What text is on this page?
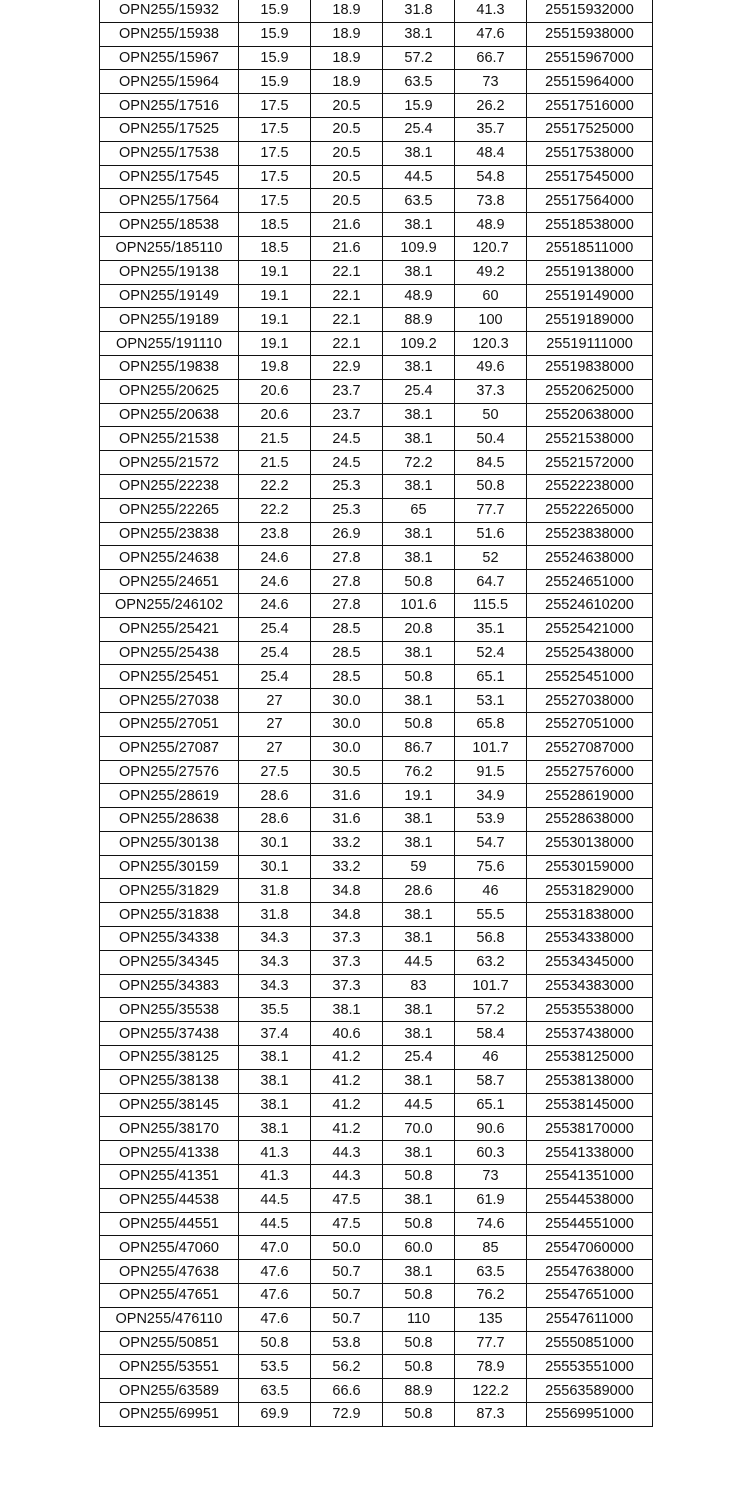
OPN255/15932	15.9	18.9	31.8	41.3	25515932000
OPN255/15938	15.9	18.9	38.1	47.6	25515938000
OPN255/15967	15.9	18.9	57.2	66.7	25515967000
OPN255/15964	15.9	18.9	63.5	73	25515964000
OPN255/17516	17.5	20.5	15.9	26.2	25517516000
OPN255/17525	17.5	20.5	25.4	35.7	25517525000
OPN255/17538	17.5	20.5	38.1	48.4	25517538000
OPN255/17545	17.5	20.5	44.5	54.8	25517545000
OPN255/17564	17.5	20.5	63.5	73.8	25517564000
OPN255/18538	18.5	21.6	38.1	48.9	25518538000
OPN255/185110	18.5	21.6	109.9	120.7	25518511000
OPN255/19138	19.1	22.1	38.1	49.2	25519138000
OPN255/19149	19.1	22.1	48.9	60	25519149000
OPN255/19189	19.1	22.1	88.9	100	25519189000
OPN255/191110	19.1	22.1	109.2	120.3	25519111000
OPN255/19838	19.8	22.9	38.1	49.6	25519838000
OPN255/20625	20.6	23.7	25.4	37.3	25520625000
OPN255/20638	20.6	23.7	38.1	50	25520638000
OPN255/21538	21.5	24.5	38.1	50.4	25521538000
OPN255/21572	21.5	24.5	72.2	84.5	25521572000
OPN255/22238	22.2	25.3	38.1	50.8	25522238000
OPN255/22265	22.2	25.3	65	77.7	25522265000
OPN255/23838	23.8	26.9	38.1	51.6	25523838000
OPN255/24638	24.6	27.8	38.1	52	25524638000
OPN255/24651	24.6	27.8	50.8	64.7	25524651000
OPN255/246102	24.6	27.8	101.6	115.5	25524610200
OPN255/25421	25.4	28.5	20.8	35.1	25525421000
OPN255/25438	25.4	28.5	38.1	52.4	25525438000
OPN255/25451	25.4	28.5	50.8	65.1	25525451000
OPN255/27038	27	30.0	38.1	53.1	25527038000
OPN255/27051	27	30.0	50.8	65.8	25527051000
OPN255/27087	27	30.0	86.7	101.7	25527087000
OPN255/27576	27.5	30.5	76.2	91.5	25527576000
OPN255/28619	28.6	31.6	19.1	34.9	25528619000
OPN255/28638	28.6	31.6	38.1	53.9	25528638000
OPN255/30138	30.1	33.2	38.1	54.7	25530138000
OPN255/30159	30.1	33.2	59	75.6	25530159000
OPN255/31829	31.8	34.8	28.6	46	25531829000
OPN255/31838	31.8	34.8	38.1	55.5	25531838000
OPN255/34338	34.3	37.3	38.1	56.8	25534338000
OPN255/34345	34.3	37.3	44.5	63.2	25534345000
OPN255/34383	34.3	37.3	83	101.7	25534383000
OPN255/35538	35.5	38.1	38.1	57.2	25535538000
OPN255/37438	37.4	40.6	38.1	58.4	25537438000
OPN255/38125	38.1	41.2	25.4	46	25538125000
OPN255/38138	38.1	41.2	38.1	58.7	25538138000
OPN255/38145	38.1	41.2	44.5	65.1	25538145000
OPN255/38170	38.1	41.2	70.0	90.6	25538170000
OPN255/41338	41.3	44.3	38.1	60.3	25541338000
OPN255/41351	41.3	44.3	50.8	73	25541351000
OPN255/44538	44.5	47.5	38.1	61.9	25544538000
OPN255/44551	44.5	47.5	50.8	74.6	25544551000
OPN255/47060	47.0	50.0	60.0	85	25547060000
OPN255/47638	47.6	50.7	38.1	63.5	25547638000
OPN255/47651	47.6	50.7	50.8	76.2	25547651000
OPN255/476110	47.6	50.7	110	135	25547611000
OPN255/50851	50.8	53.8	50.8	77.7	25550851000
OPN255/53551	53.5	56.2	50.8	78.9	25553551000
OPN255/63589	63.5	66.6	88.9	122.2	25563589000
OPN255/69951	69.9	72.9	50.8	87.3	25569951000
